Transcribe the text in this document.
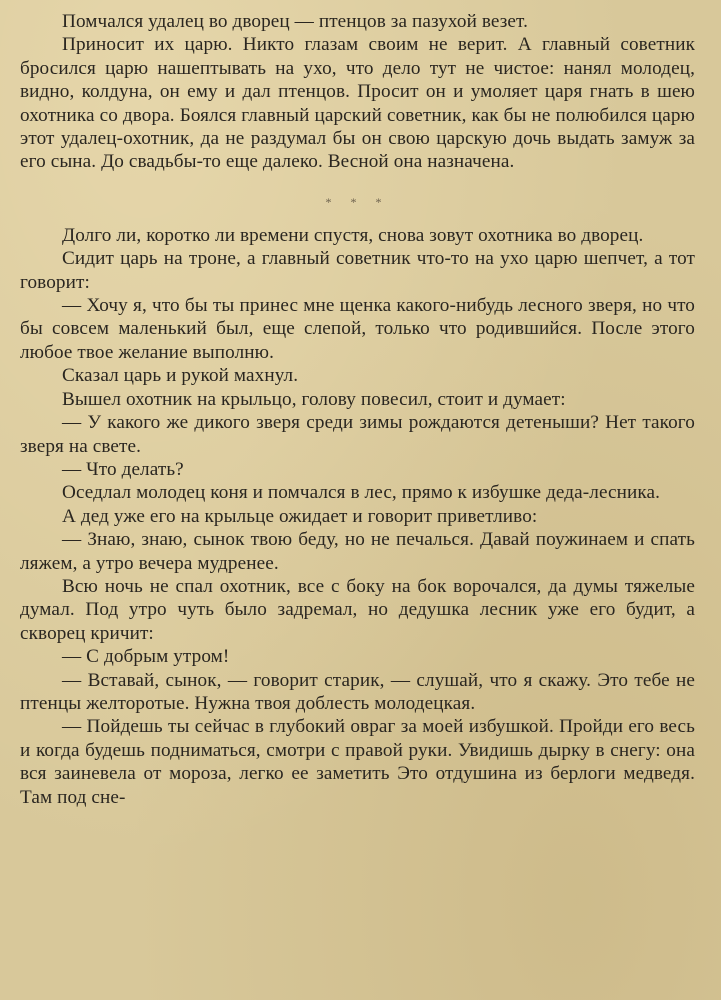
Помчался удалец во дворец — птенцов за пазухой везет.

Приносит их царю. Никто глазам своим не верит. А главный советник бросился царю нашептывать на ухо, что дело тут не чистое: нанял молодец, видно, колдуна, он ему и дал птенцов. Просит он и умоляет царя гнать в шею охотника со двора. Боялся главный царский советник, как бы не полюбился царю этот удалец-охотник, да не раздумал бы он свою царскую дочь выдать замуж за его сына. До свадьбы-то еще далеко. Весной она назначена.

* * *

Долго ли, коротко ли времени спустя, снова зовут охотника во дворец.

Сидит царь на троне, а главный советник что-то на ухо царю шепчет, а тот говорит:

— Хочу я, что бы ты принес мне щенка какого-нибудь лесного зверя, но что бы совсем маленький был, еще слепой, только что родившийся. После этого любое твое желание выполню.

Сказал царь и рукой махнул.

Вышел охотник на крыльцо, голову повесил, стоит и думает:

— У какого же дикого зверя среди зимы рождаются детеныши? Нет такого зверя на свете.

— Что делать?

Оседлал молодец коня и помчался в лес, прямо к избушке деда-лесника.

А дед уже его на крыльце ожидает и говорит приветливо:

— Знаю, знаю, сынок твою беду, но не печалься. Давай поужинаем и спать ляжем, а утро вечера мудренее.

Всю ночь не спал охотник, все с боку на бок ворочался, да думы тяжелые думал. Под утро чуть было задремал, но дедушка лесник уже его будит, а скворец кричит:

— С добрым утром!

— Вставай, сынок, — говорит старик, — слушай, что я скажу. Это тебе не птенцы желторотые. Нужна твоя доблесть молодецкая.

— Пойдешь ты сейчас в глубокий овраг за моей избушкой. Пройди его весь и когда будешь подниматься, смотри с правой руки. Увидишь дырку в снегу: она вся заиневела от мороза, легко ее заметить Это отдушина из берлоги медведя. Там под сне-
